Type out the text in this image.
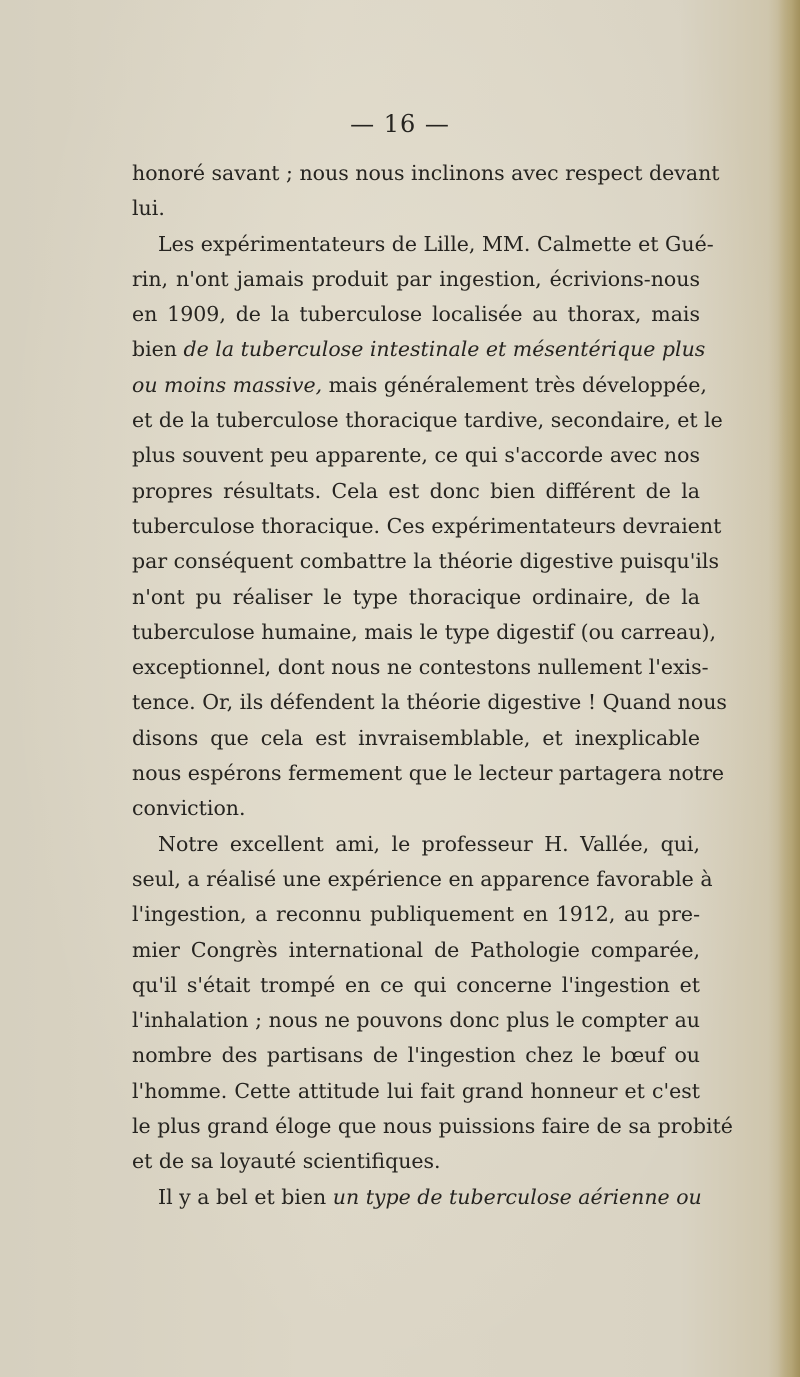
— 16 —
honoré savant ; nous nous inclinons avec respect devant
lui.
Les expérimentateurs de Lille, MM. Calmette et Gué-
rin, n'ont jamais produit par ingestion, écrivions-nous
en 1909, de la tuberculose localisée au thorax, mais
bien de la tuberculose intestinale et mésentérique plus
ou moins massive, mais généralement très développée,
et de la tuberculose thoracique tardive, secondaire, et le
plus souvent peu apparente, ce qui s'accorde avec nos
propres résultats. Cela est donc bien différent de la
tuberculose thoracique. Ces expérimentateurs devraient
par conséquent combattre la théorie digestive puisqu'ils
n'ont pu réaliser le type thoracique ordinaire, de la
tuberculose humaine, mais le type digestif (ou carreau),
exceptionnel, dont nous ne contestons nullement l'exis-
tence. Or, ils défendent la théorie digestive ! Quand nous
disons que cela est invraisemblable, et inexplicable
nous espérons fermement que le lecteur partagera notre
conviction.
Notre excellent ami, le professeur H. Vallée, qui,
seul, a réalisé une expérience en apparence favorable à
l'ingestion, a reconnu publiquement en 1912, au pre-
mier Congrès international de Pathologie comparée,
qu'il s'était trompé en ce qui concerne l'ingestion et
l'inhalation ; nous ne pouvons donc plus le compter au
nombre des partisans de l'ingestion chez le bœuf ou
l'homme. Cette attitude lui fait grand honneur et c'est
le plus grand éloge que nous puissions faire de sa probité
et de sa loyauté scientifiques.
Il y a bel et bien un type de tuberculose aérienne ou
